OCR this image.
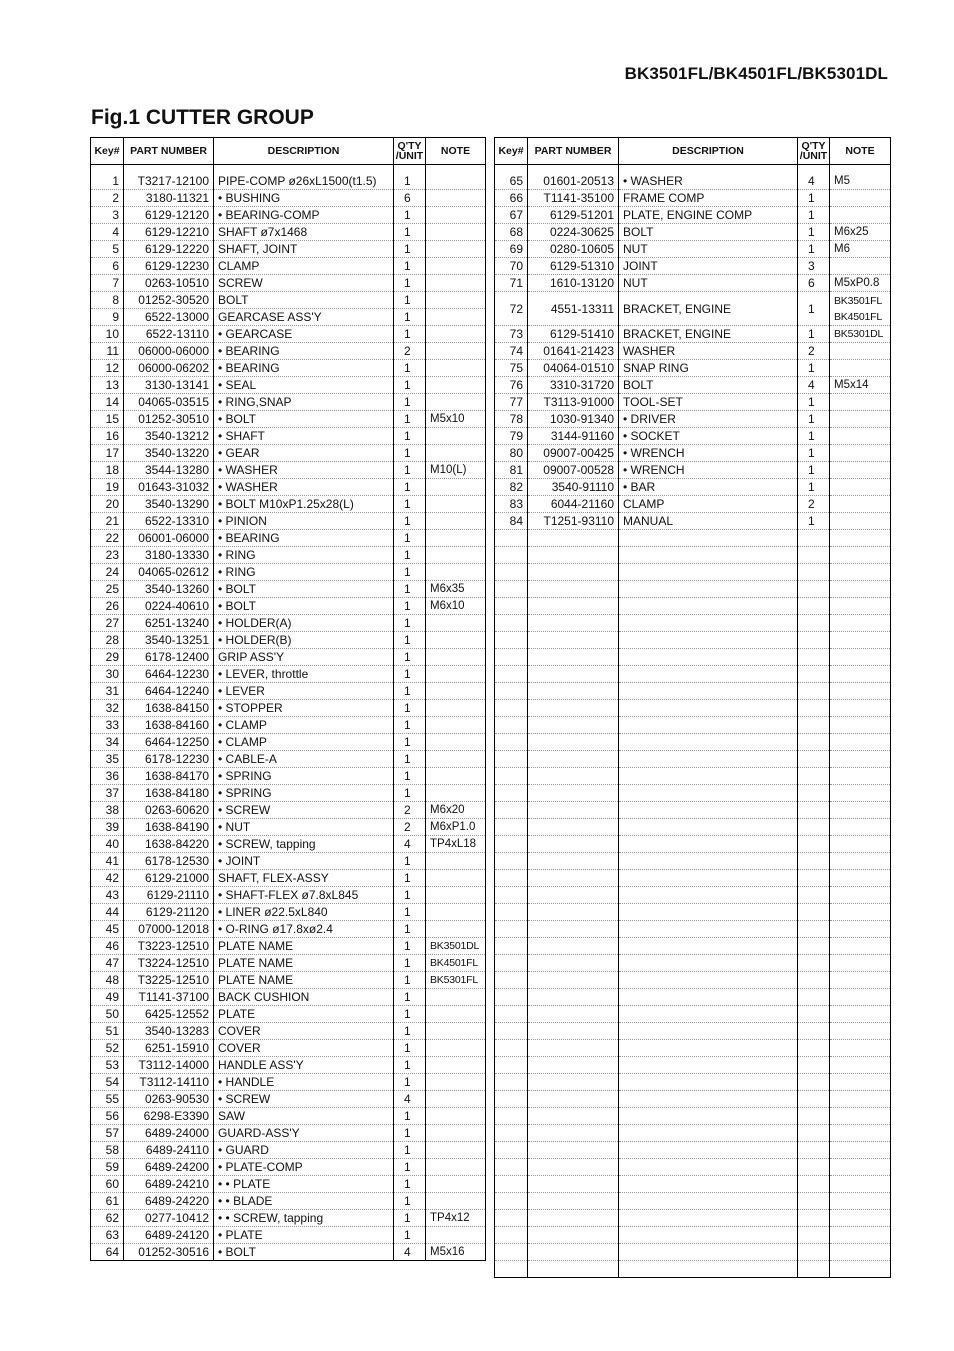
BK3501FL/BK4501FL/BK5301DL
Fig.1 CUTTER GROUP
Key#	PART NUMBER	DESCRIPTION	Q'TY
/UNIT	NOTE

1	T3217-12100	PIPE-COMP ø26xL1500(t1.5)	1	
2	3180-11321	• BUSHING	6	
3	6129-12120	• BEARING-COMP	1	
4	6129-12210	SHAFT ø7x1468	1	
5	6129-12220	SHAFT, JOINT	1	
6	6129-12230	CLAMP	1	
7	0263-10510	SCREW	1	
8	01252-30520	BOLT	1	
9	6522-13000	GEARCASE ASS'Y	1	
10	6522-13110	• GEARCASE	1	
11	06000-06000	• BEARING	2	
12	06000-06202	• BEARING	1	
13	3130-13141	• SEAL	1	
14	04065-03515	• RING,SNAP	1	
15	01252-30510	• BOLT	1	M5x10
16	3540-13212	• SHAFT	1	
17	3540-13220	• GEAR	1	
18	3544-13280	• WASHER	1	M10(L)
19	01643-31032	• WASHER	1	
20	3540-13290	• BOLT M10xP1.25x28(L)	1	
21	6522-13310	• PINION	1	
22	06001-06000	• BEARING	1	
23	3180-13330	• RING	1	
24	04065-02612	• RING	1	
25	3540-13260	• BOLT	1	M6x35
26	0224-40610	• BOLT	1	M6x10
27	6251-13240	• HOLDER(A)	1	
28	3540-13251	• HOLDER(B)	1	
29	6178-12400	GRIP ASS'Y	1	
30	6464-12230	• LEVER, throttle	1	
31	6464-12240	• LEVER	1	
32	1638-84150	• STOPPER	1	
33	1638-84160	• CLAMP	1	
34	6464-12250	• CLAMP	1	
35	6178-12230	• CABLE-A	1	
36	1638-84170	• SPRING	1	
37	1638-84180	• SPRING	1	
38	0263-60620	• SCREW	2	M6x20
39	1638-84190	• NUT	2	M6xP1.0
40	1638-84220	• SCREW, tapping	4	TP4xL18
41	6178-12530	• JOINT	1	
42	6129-21000	SHAFT, FLEX-ASSY	1	
43	6129-21110	• SHAFT-FLEX ø7.8xL845	1	
44	6129-21120	• LINER ø22.5xL840	1	
45	07000-12018	• O-RING ø17.8xø2.4	1	
46	T3223-12510	PLATE NAME	1	BK3501DL
47	T3224-12510	PLATE NAME	1	BK4501FL
48	T3225-12510	PLATE NAME	1	BK5301FL
49	T1141-37100	BACK CUSHION	1	
50	6425-12552	PLATE	1	
51	3540-13283	COVER	1	
52	6251-15910	COVER	1	
53	T3112-14000	HANDLE ASS'Y	1	
54	T3112-14110	• HANDLE	1	
55	0263-90530	• SCREW	4	
56	6298-E3390	SAW	1	
57	6489-24000	GUARD-ASS'Y	1	
58	6489-24110	• GUARD	1	
59	6489-24200	• PLATE-COMP	1	
60	6489-24210	• • PLATE	1	
61	6489-24220	• • BLADE	1	
62	0277-10412	• • SCREW, tapping	1	TP4x12
63	6489-24120	• PLATE	1	
64	01252-30516	• BOLT	4	M5x16
Key#	PART NUMBER	DESCRIPTION	Q'TY
/UNIT	NOTE

65	01601-20513	• WASHER	4	M5
66	T1141-35100	FRAME COMP	1	
67	6129-51201	PLATE, ENGINE COMP	1	
68	0224-30625	BOLT	1	M6x25
69	0280-10605	NUT	1	M6
70	6129-51310	JOINT	3	
71	1610-13120	NUT	6	M5xP0.8
72	4551-13311	BRACKET, ENGINE	1	BK3501FL
BK4501FL

73	6129-51410	BRACKET, ENGINE	1	BK5301DL
74	01641-21423	WASHER	2	
75	04064-01510	SNAP RING	1	
76	3310-31720	BOLT	4	M5x14
77	T3113-91000	TOOL-SET	1	
78	1030-91340	• DRIVER	1	
79	3144-91160	• SOCKET	1	
80	09007-00425	• WRENCH	1	
81	09007-00528	• WRENCH	1	
82	3540-91110	• BAR	1	
83	6044-21160	CLAMP	2	
84	T1251-93110	MANUAL	1	
